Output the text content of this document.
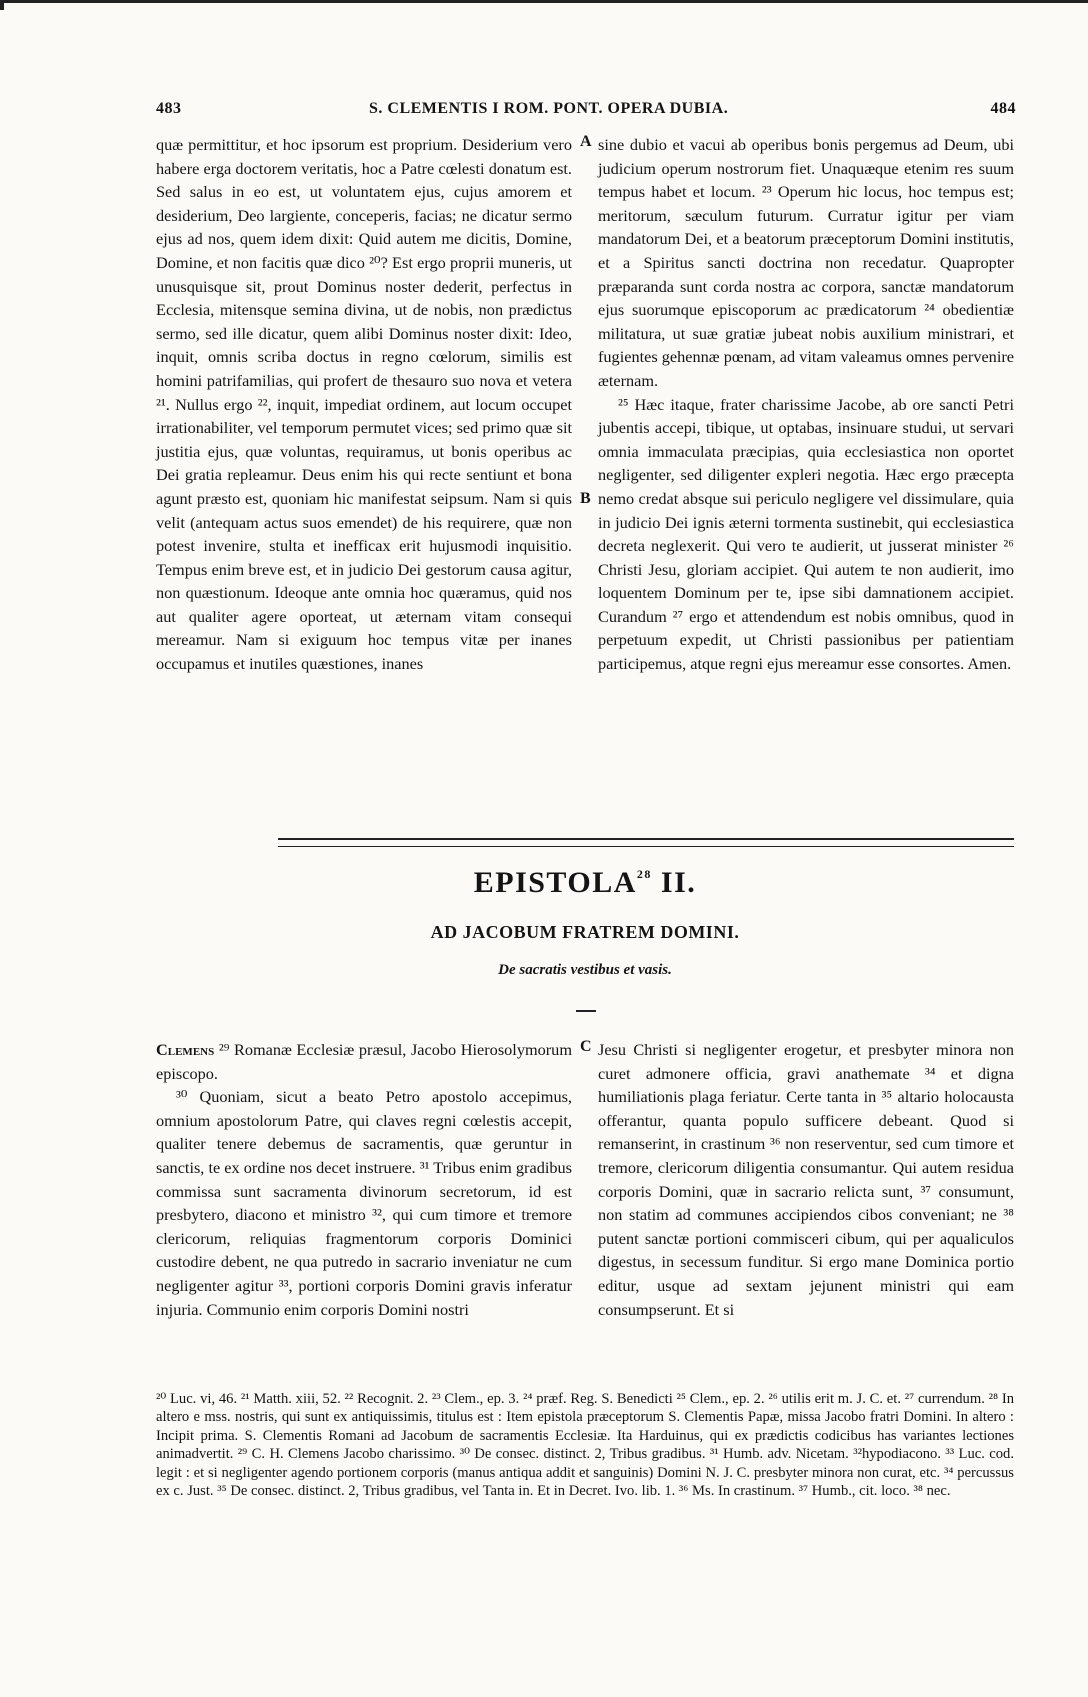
483	S. CLEMENTIS I ROM. PONT. OPERA DUBIA.	484

quæ permittitur, et hoc ipsorum est proprium. Desiderium vero habere erga doctorem veritatis, hoc a Patre cœlesti donatum est. Sed salus in eo est, ut voluntatem ejus, cujus amorem et desiderium, Deo largiente, conceperis, facias; ne dicatur sermo ejus ad nos, quem idem dixit: Quid autem me dicitis, Domine, Domine, et non facitis quæ dico ²⁰? Est ergo proprii muneris, ut unusquisque sit, prout Dominus noster dederit, perfectus in Ecclesia, mitensque semina divina, ut de nobis, non prædictus sermo, sed ille dicatur, quem alibi Dominus noster dixit: Ideo, inquit, omnis scriba doctus in regno cœlorum, similis est homini patrifamilias, qui profert de thesauro suo nova et vetera ²¹. Nullus ergo ²², inquit, impediat ordinem, aut locum occupet irrationabiliter, vel temporum permutet vices; sed primo quæ sit justitia ejus, quæ voluntas, requiramus, ut bonis operibus ac Dei gratia repleamur. Deus enim his qui recte sentiunt et bona agunt præsto est, quoniam hic manifestat seipsum. Nam si quis velit (antequam actus suos emendet) de his requirere, quæ non potest invenire, stulta et inefficax erit hujusmodi inquisitio. Tempus enim breve est, et in judicio Dei gestorum causa agitur, non quæstionum. Ideoque ante omnia hoc quæramus, quid nos aut qualiter agere oporteat, ut æternam vitam consequi mereamur. Nam si exiguum hoc tempus vitæ per inanes occupamus et inutiles quæstiones, inanes

A
B

sine dubio et vacui ab operibus bonis pergemus ad Deum, ubi judicium operum nostrorum fiet. Unaquæque etenim res suum tempus habet et locum. ²³ Operum hic locus, hoc tempus est; meritorum, sæculum futurum. Curratur igitur per viam mandatorum Dei, et a beatorum præceptorum Domini institutis, et a Spiritus sancti doctrina non recedatur. Quapropter præparanda sunt corda nostra ac corpora, sanctæ mandatorum ejus suorumque episcoporum ac prædicatorum ²⁴ obedientiæ militatura, ut suæ gratiæ jubeat nobis auxilium ministrari, et fugientes gehennæ pœnam, ad vitam valeamus omnes pervenire æternam.

²⁵ Hæc itaque, frater charissime Jacobe, ab ore sancti Petri jubentis accepi, tibique, ut optabas, insinuare studui, ut servari omnia immaculata præcipias, quia ecclesiastica non oportet negligenter, sed diligenter expleri negotia. Hæc ergo præcepta nemo credat absque sui periculo negligere vel dissimulare, quia in judicio Dei ignis æterni tormenta sustinebit, qui ecclesiastica decreta neglexerit. Qui vero te audierit, ut jusserat minister ²⁶ Christi Jesu, gloriam accipiet. Qui autem te non audierit, imo loquentem Dominum per te, ipse sibi damnationem accipiet. Curandum ²⁷ ergo et attendendum est nobis omnibus, quod in perpetuum expedit, ut Christi passionibus per patientiam participemus, atque regni ejus mereamur esse consortes. Amen.

EPISTOLA$^{28}$ II.
AD JACOBUM FRATREM DOMINI.
De sacratis vestibus et vasis.

Clemens ²⁹ Romanæ Ecclesiæ præsul, Jacobo Hierosolymorum episcopo.

³⁰ Quoniam, sicut a beato Petro apostolo accepimus, omnium apostolorum Patre, qui claves regni cœlestis accepit, qualiter tenere debemus de sacramentis, quæ geruntur in sanctis, te ex ordine nos decet instruere. ³¹ Tribus enim gradibus commissa sunt sacramenta divinorum secretorum, id est presbytero, diacono et ministro ³², qui cum timore et tremore clericorum, reliquias fragmentorum corporis Dominici custodire debent, ne qua putredo in sacrario inveniatur ne cum negligenter agitur ³³, portioni corporis Domini gravis inferatur injuria. Communio enim corporis Domini nostri

C Jesu Christi si negligenter erogetur, et presbyter minora non curet admonere officia, gravi anathemate ³⁴ et digna humiliationis plaga feriatur. Certe tanta in ³⁵ altario holocausta offerantur, quanta populo sufficere debeant. Quod si remanserint, in crastinum ³⁶ non reserventur, sed cum timore et tremore, clericorum diligentia consumantur. Qui autem residua corporis Domini, quæ in sacrario relicta sunt, ³⁷ consumunt, non statim ad communes accipiendos cibos conveniant; ne ³⁸ putent sanctæ portioni commisceri cibum, qui per aqualiculos digestus, in secessum funditur. Si ergo mane Dominica portio editur, usque ad sextam jejunent ministri qui eam consumpserunt. Et si

²⁰ Luc. vi, 46. ²¹ Matth. xiii, 52. ²² Recognit. 2. ²³ Clem., ep. 3. ²⁴ præf. Reg. S. Benedicti ²⁵ Clem., ep. 2. ²⁶ utilis erit m. J. C. et. ²⁷ currendum. ²⁸ In altero e mss. nostris, qui sunt ex antiquissimis, titulus est : Item epistola præceptorum S. Clementis Papæ, missa Jacobo fratri Domini. In altero : Incipit prima. S. Clementis Romani ad Jacobum de sacramentis Ecclesiæ. Ita Harduinus, qui ex prædictis codicibus has variantes lectiones animadvertit. ²⁹ C. H. Clemens Jacobo charissimo. ³⁰ De consec. distinct. 2, Tribus gradibus. ³¹ Humb. adv. Nicetam. ³²hypodiacono. ³³ Luc. cod. legit : et si negligenter agendo portionem corporis (manus antiqua addit et sanguinis) Domini N. J. C. presbyter minora non curat, etc. ³⁴ percussus ex c. Just. ³⁵ De consec. distinct. 2, Tribus gradibus, vel Tanta in. Et in Decret. Ivo. lib. 1. ³⁶ Ms. In crastinum. ³⁷ Humb., cit. loco. ³⁸ nec.
